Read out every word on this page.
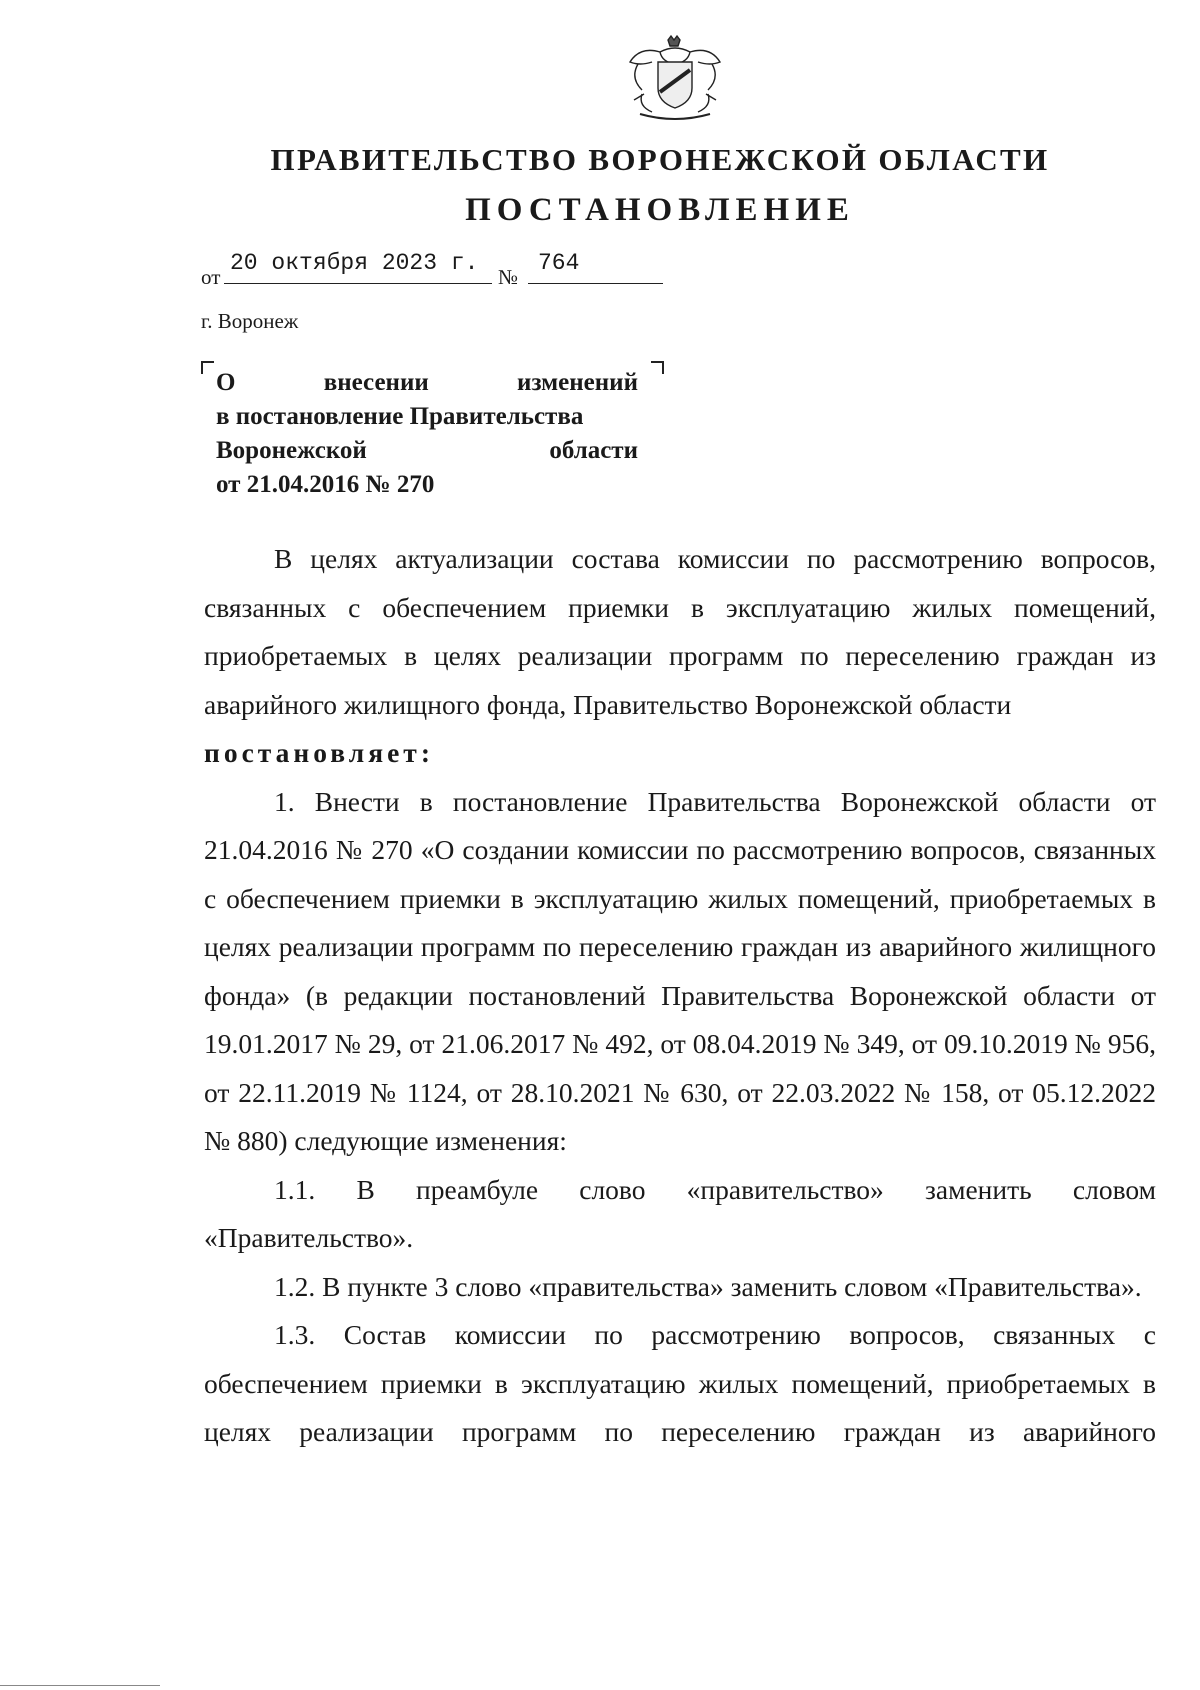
ПРАВИТЕЛЬСТВО ВОРОНЕЖСКОЙ ОБЛАСТИ
ПОСТАНОВЛЕНИЕ
от
20 октября 2023 г.
№
764
г. Воронеж
О	внесении	изменений
в постановление Правительства
Воронежской	области
от 21.04.2016 № 270

В целях актуализации состава комиссии по рассмотрению вопросов, связанных с обеспечением приемки в эксплуатацию жилых помещений, приобретаемых в целях реализации программ по переселению граждан из аварийного жилищного фонда, Правительство Воронежской области

постановляет:

1. Внести в постановление Правительства Воронежской области от 21.04.2016 № 270 «О создании комиссии по рассмотрению вопросов, связанных с обеспечением приемки в эксплуатацию жилых помещений, приобретаемых в целях реализации программ по переселению граждан из аварийного жилищного фонда» (в редакции постановлений Правительства Воронежской области от 19.01.2017 № 29, от 21.06.2017 № 492, от 08.04.2019 № 349, от 09.10.2019 № 956, от 22.11.2019 № 1124, от 28.10.2021 № 630, от 22.03.2022 № 158, от 05.12.2022 № 880) следующие изменения:

1.1. В преамбуле слово «правительство» заменить словом «Правительство».

1.2. В пункте 3 слово «правительства» заменить словом «Правительства».

1.3. Состав комиссии по рассмотрению вопросов, связанных с обеспечением приемки в эксплуатацию жилых помещений, приобретаемых в целях реализации программ по переселению граждан из аварийного
